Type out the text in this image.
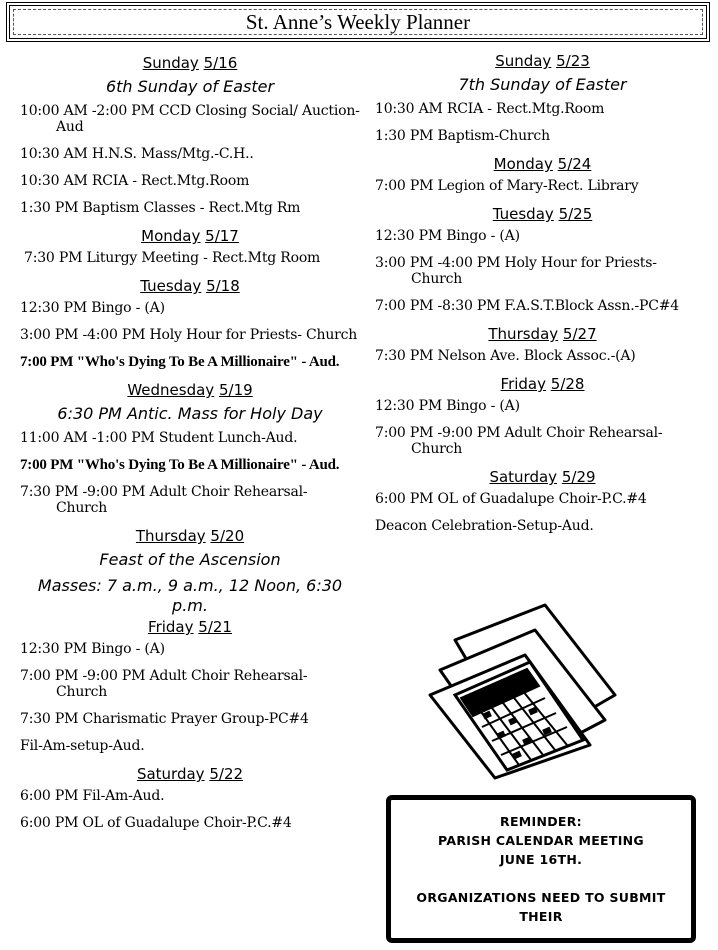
St. Anne’s Weekly Planner
Sunday 5/16
6th Sunday of Easter
10:00 AM -2:00 PM CCD Closing Social/ Auction-Aud
10:30 AM H.N.S. Mass/Mtg.-C.H..
10:30 AM RCIA - Rect.Mtg.Room
1:30 PM Baptism Classes - Rect.Mtg Rm
Monday 5/17
7:30 PM Liturgy Meeting - Rect.Mtg Room
Tuesday 5/18
12:30 PM Bingo - (A)
3:00 PM -4:00 PM Holy Hour for Priests- Church
7:00 PM "Who's Dying To Be A Millionaire" - Aud.
Wednesday 5/19
6:30 PM Antic. Mass for Holy Day
11:00 AM -1:00 PM Student Lunch-Aud.
7:00 PM "Who's Dying To Be A Millionaire" - Aud.
7:30 PM -9:00 PM Adult Choir Rehearsal- Church
Thursday 5/20
Feast of the Ascension
Masses: 7 a.m., 9 a.m., 12 Noon, 6:30 p.m.
Friday 5/21
12:30 PM Bingo - (A)
7:00 PM -9:00 PM Adult Choir Rehearsal- Church
7:30 PM Charismatic Prayer Group-PC#4
Fil-Am-setup-Aud.
Saturday 5/22
6:00 PM Fil-Am-Aud.
6:00 PM OL of Guadalupe Choir-P.C.#4
Sunday 5/23
7th Sunday of Easter
10:30 AM RCIA - Rect.Mtg.Room
1:30 PM Baptism-Church
Monday 5/24
7:00 PM Legion of Mary-Rect. Library
Tuesday 5/25
12:30 PM Bingo - (A)
3:00 PM -4:00 PM Holy Hour for Priests- Church
7:00 PM -8:30 PM F.A.S.T.Block Assn.-PC#4
Thursday 5/27
7:30 PM Nelson Ave. Block Assoc.-(A)
Friday 5/28
12:30 PM Bingo - (A)
7:00 PM -9:00 PM Adult Choir Rehearsal- Church
Saturday 5/29
6:00 PM OL of Guadalupe Choir-P.C.#4
Deacon Celebration-Setup-Aud.
REMINDER:
PARISH CALENDAR MEETING JUNE 16TH.
ORGANIZATIONS NEED TO SUBMIT THEIR
